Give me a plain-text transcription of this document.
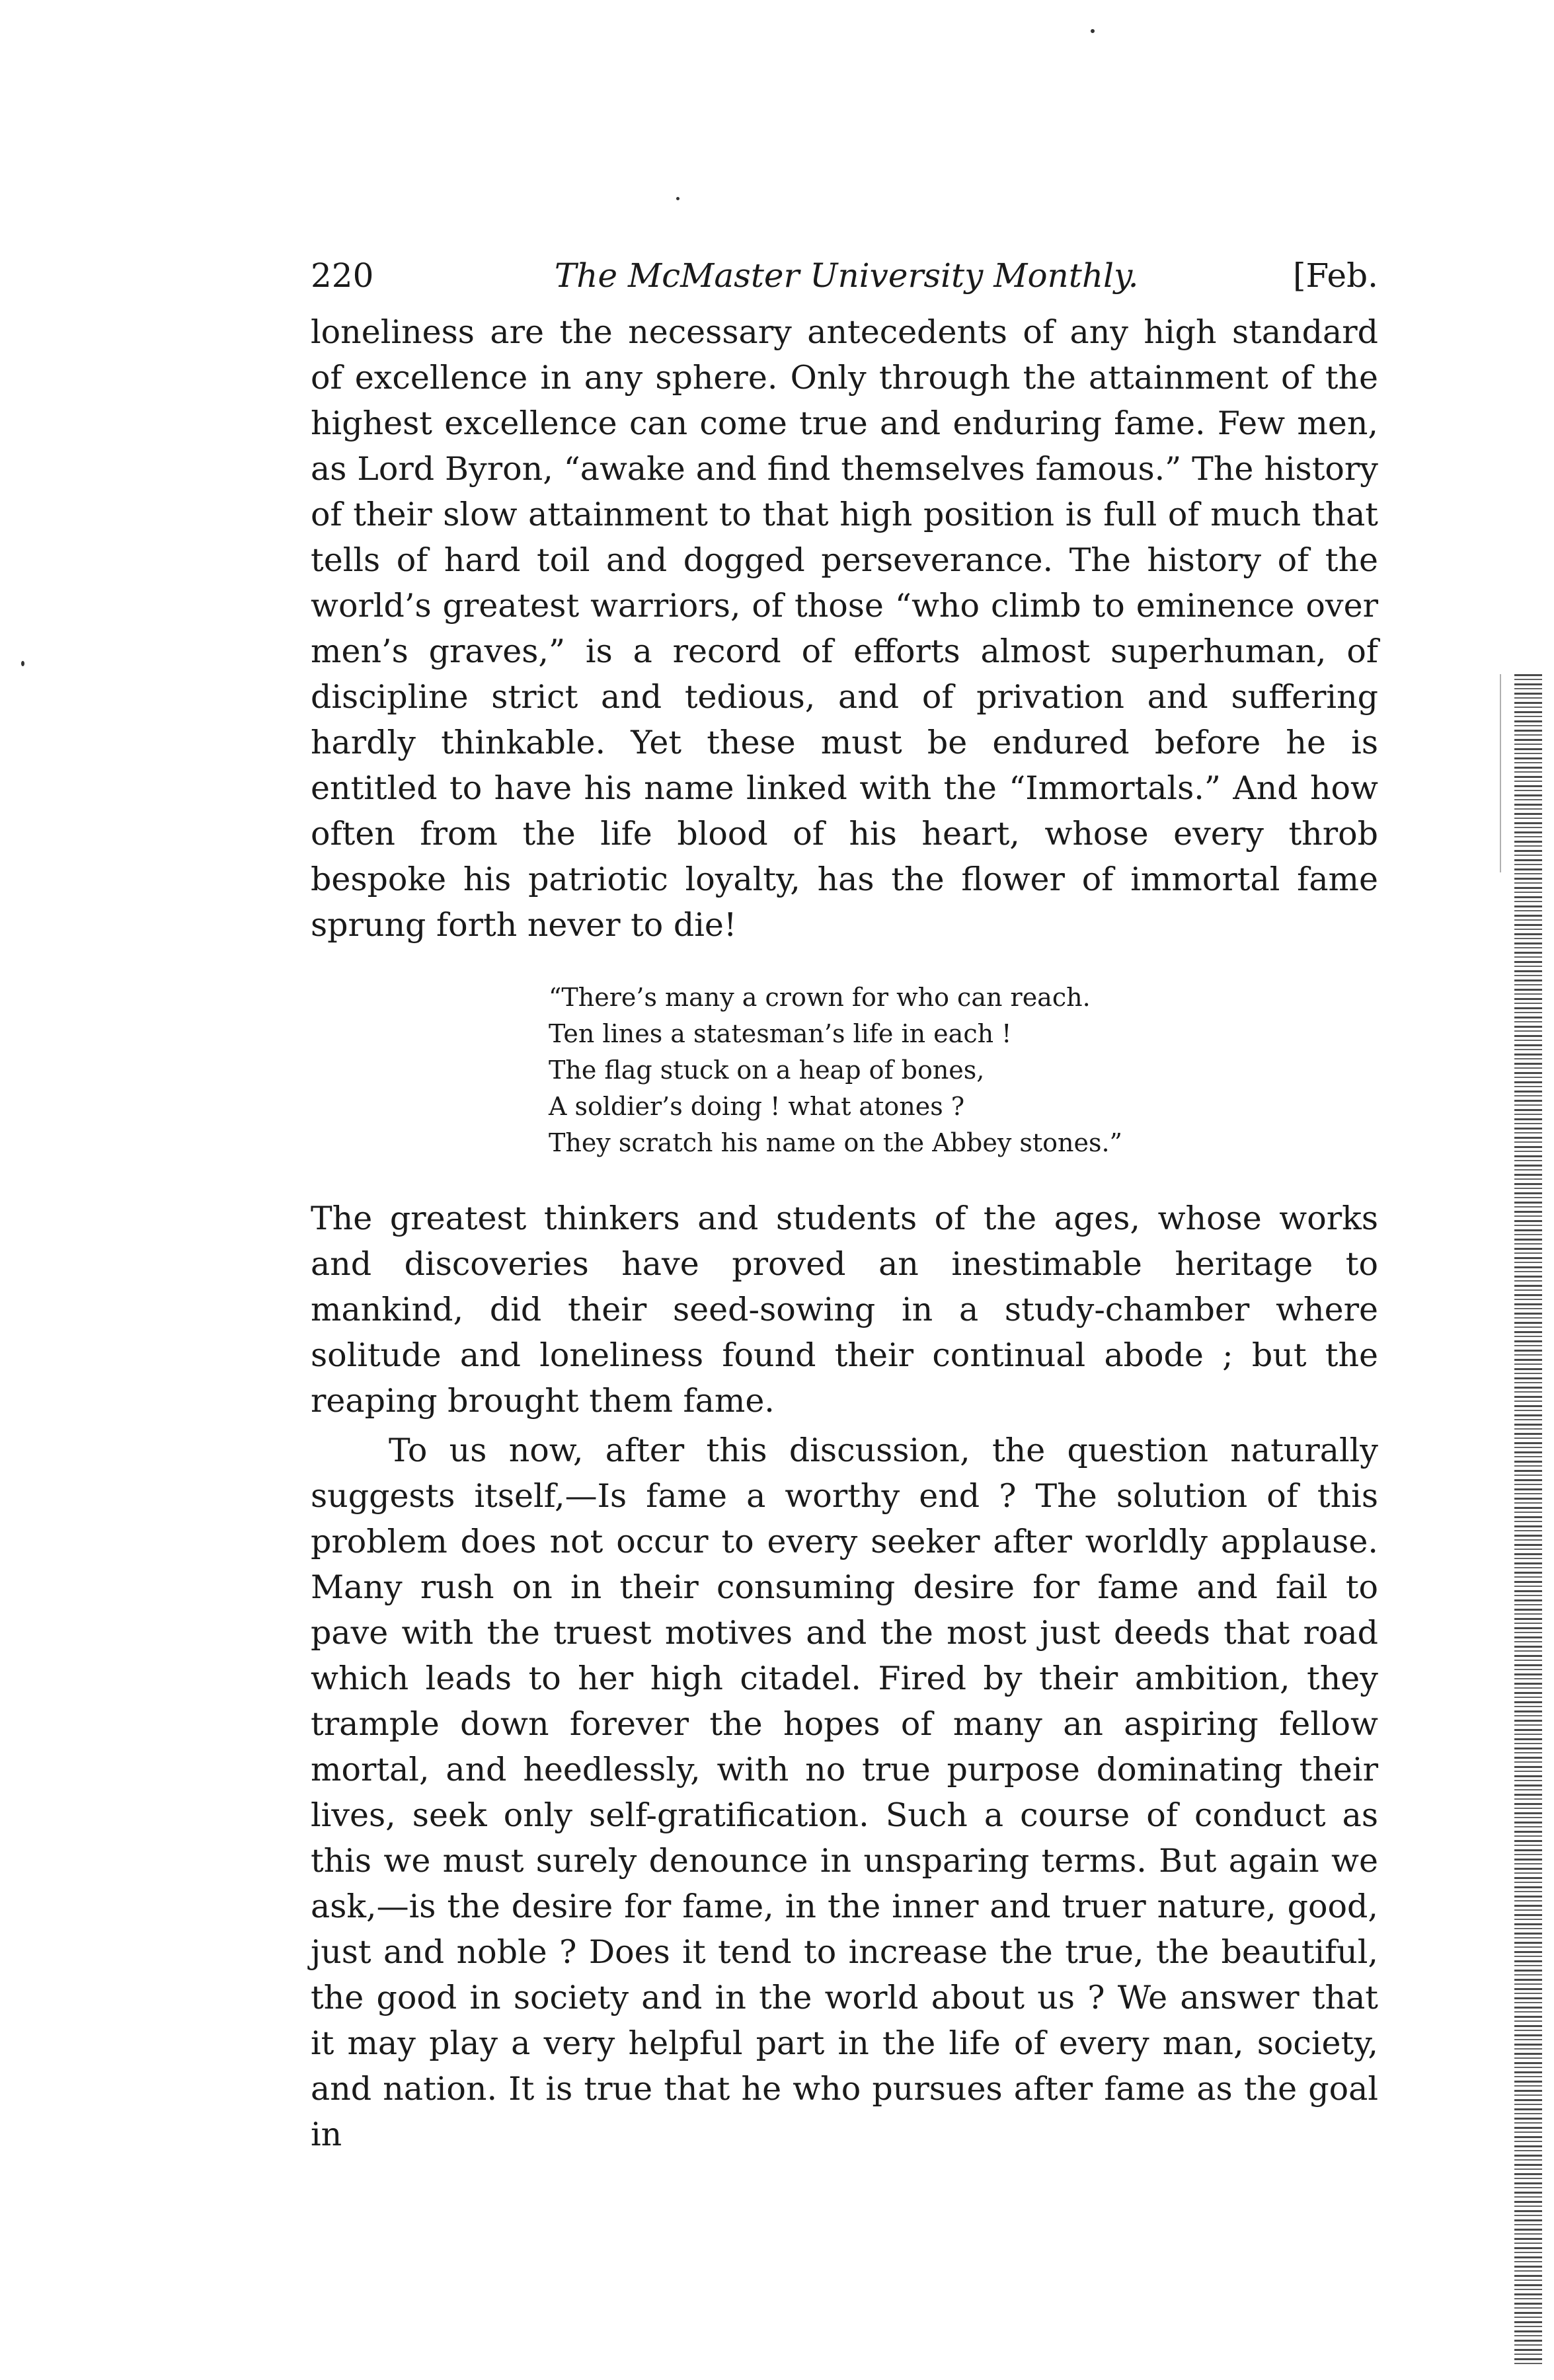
220	The McMaster University Monthly.	[Feb.

loneliness are the necessary antecedents of any high standard of excellence in any sphere. Only through the attainment of the highest excellence can come true and enduring fame. Few men, as Lord Byron, “awake and find themselves famous.” The history of their slow attainment to that high position is full of much that tells of hard toil and dogged perseverance. The history of the world’s greatest warriors, of those “who climb to eminence over men’s graves,” is a record of efforts almost superhuman, of discipline strict and tedious, and of privation and suffering hardly thinkable. Yet these must be endured before he is entitled to have his name linked with the “Immortals.” And how often from the life blood of his heart, whose every throb bespoke his patriotic loyalty, has the flower of immortal fame sprung forth never to die!

“There’s many a crown for who can reach.
Ten lines a statesman’s life in each !
The flag stuck on a heap of bones,
A soldier’s doing ! what atones ?
They scratch his name on the Abbey stones.”

The greatest thinkers and students of the ages, whose works and discoveries have proved an inestimable heritage to mankind, did their seed-sowing in a study-chamber where solitude and loneliness found their continual abode ; but the reaping brought them fame.

To us now, after this discussion, the question naturally suggests itself,—Is fame a worthy end ? The solution of this problem does not occur to every seeker after worldly applause. Many rush on in their consuming desire for fame and fail to pave with the truest motives and the most just deeds that road which leads to her high citadel. Fired by their ambition, they trample down forever the hopes of many an aspiring fellow mortal, and heedlessly, with no true purpose dominating their lives, seek only self-gratification. Such a course of conduct as this we must surely denounce in unsparing terms. But again we ask,—is the desire for fame, in the inner and truer nature, good, just and noble ? Does it tend to increase the true, the beautiful, the good in society and in the world about us ? We answer that it may play a very helpful part in the life of every man, society, and nation. It is true that he who pursues after fame as the goal in
